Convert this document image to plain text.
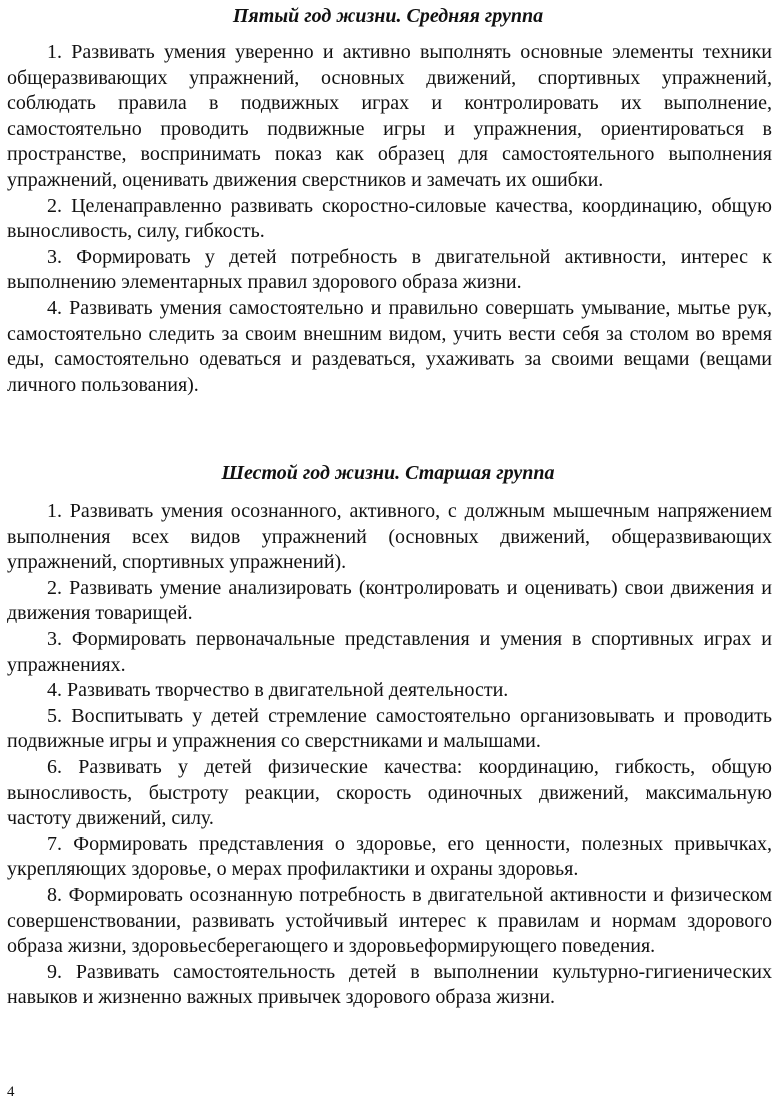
Пятый год жизни. Средняя группа

1. Развивать умения уверенно и активно выполнять основные элементы техники общеразвивающих упражнений, основных движений, спортивных упражнений, соблюдать правила в подвижных играх и контролировать их выполнение, самостоятельно проводить подвижные игры и упражнения, ориентироваться в пространстве, воспринимать показ как образец для самостоятельного выполнения упражнений, оценивать движения сверстников и замечать их ошибки.

2. Целенаправленно развивать скоростно-силовые качества, координацию, общую выносливость, силу, гибкость.

3. Формировать у детей потребность в двигательной активности, интерес к выполнению элементарных правил здорового образа жизни.

4. Развивать умения самостоятельно и правильно совершать умывание, мытье рук, самостоятельно следить за своим внешним видом, учить вести себя за столом во время еды, самостоятельно одеваться и раздеваться, ухаживать за своими вещами (вещами личного пользования).

Шестой год жизни. Старшая группа

1. Развивать умения осознанного, активного, с должным мышечным напряжением выполнения всех видов упражнений (основных движений, общеразвивающих упражнений, спортивных упражнений).

2. Развивать умение анализировать (контролировать и оценивать) свои движения и движения товарищей.

3. Формировать первоначальные представления и умения в спортивных играх и упражнениях.

4. Развивать творчество в двигательной деятельности.

5. Воспитывать у детей стремление самостоятельно организовывать и проводить подвижные игры и упражнения со сверстниками и малышами.

6. Развивать у детей физические качества: координацию, гибкость, общую выносливость, быстроту реакции, скорость одиночных движений, максимальную частоту движений, силу.

7. Формировать представления о здоровье, его ценности, полезных привычках, укрепляющих здоровье, о мерах профилактики и охраны здоровья.

8. Формировать осознанную потребность в двигательной активности и физическом совершенствовании, развивать устойчивый интерес к правилам и нормам здорового образа жизни, здоровьесберегающего и здоровьеформирующего поведения.

9. Развивать самостоятельность детей в выполнении культурно-гигиенических навыков и жизненно важных привычек здорового образа жизни.

4
